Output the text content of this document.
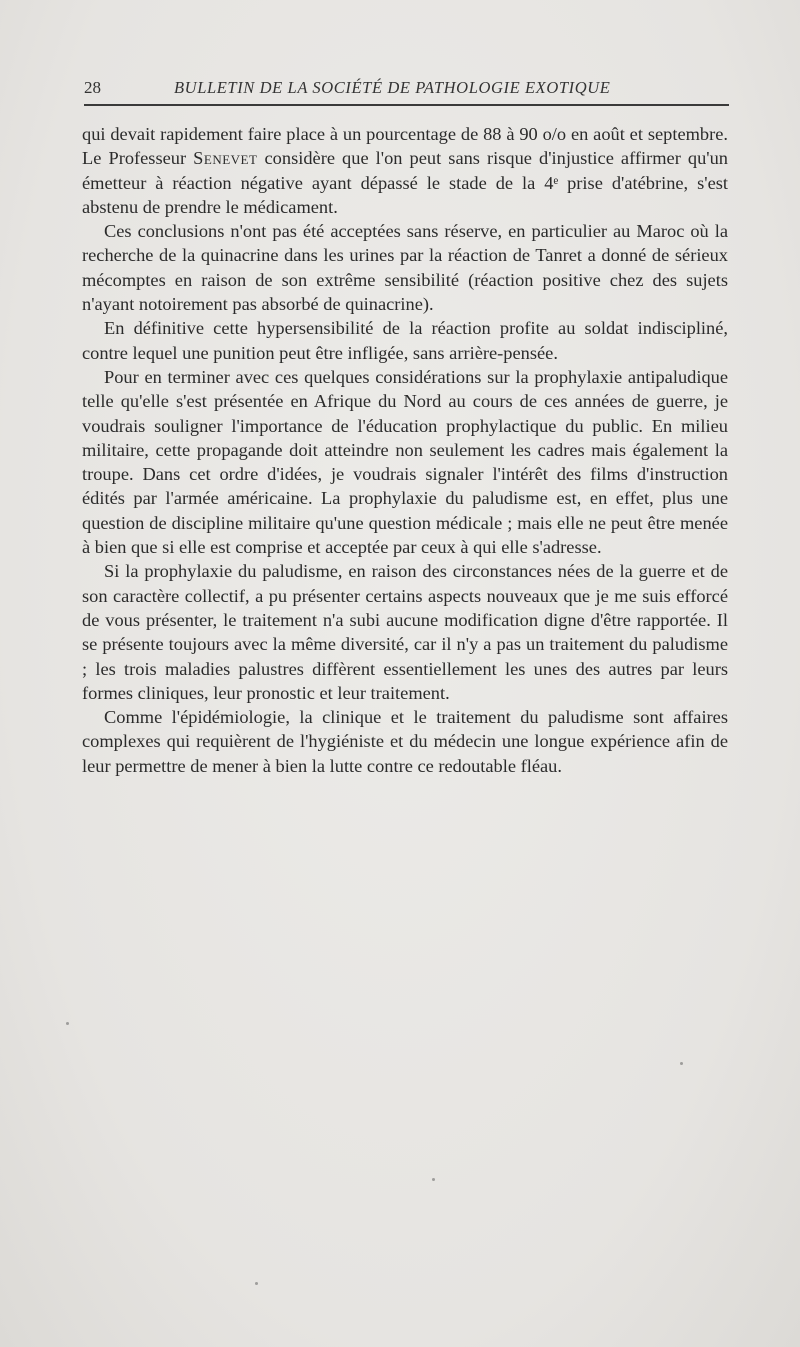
28	BULLETIN DE LA SOCIÉTÉ DE PATHOLOGIE EXOTIQUE

qui devait rapidement faire place à un pourcentage de 88 à 90 o/o en août et septembre. Le Professeur Senevet considère que l'on peut sans risque d'injustice affirmer qu'un émetteur à réaction négative ayant dépassé le stade de la 4ᵉ prise d'atébrine, s'est abstenu de prendre le médicament.

Ces conclusions n'ont pas été acceptées sans réserve, en particulier au Maroc où la recherche de la quinacrine dans les urines par la réaction de Tanret a donné de sérieux mécomptes en raison de son extrême sensibilité (réaction positive chez des sujets n'ayant notoirement pas absorbé de quinacrine).

En définitive cette hypersensibilité de la réaction profite au soldat indiscipliné, contre lequel une punition peut être infligée, sans arrière-pensée.

Pour en terminer avec ces quelques considérations sur la prophylaxie antipaludique telle qu'elle s'est présentée en Afrique du Nord au cours de ces années de guerre, je voudrais souligner l'importance de l'éducation prophylactique du public. En milieu militaire, cette propagande doit atteindre non seulement les cadres mais également la troupe. Dans cet ordre d'idées, je voudrais signaler l'intérêt des films d'instruction édités par l'armée américaine. La prophylaxie du paludisme est, en effet, plus une question de discipline militaire qu'une question médicale ; mais elle ne peut être menée à bien que si elle est comprise et acceptée par ceux à qui elle s'adresse.

Si la prophylaxie du paludisme, en raison des circonstances nées de la guerre et de son caractère collectif, a pu présenter certains aspects nouveaux que je me suis efforcé de vous présenter, le traitement n'a subi aucune modification digne d'être rapportée. Il se présente toujours avec la même diversité, car il n'y a pas un traitement du paludisme ; les trois maladies palustres diffèrent essentiellement les unes des autres par leurs formes cliniques, leur pronostic et leur traitement.

Comme l'épidémiologie, la clinique et le traitement du paludisme sont affaires complexes qui requièrent de l'hygiéniste et du médecin une longue expérience afin de leur permettre de mener à bien la lutte contre ce redoutable fléau.
